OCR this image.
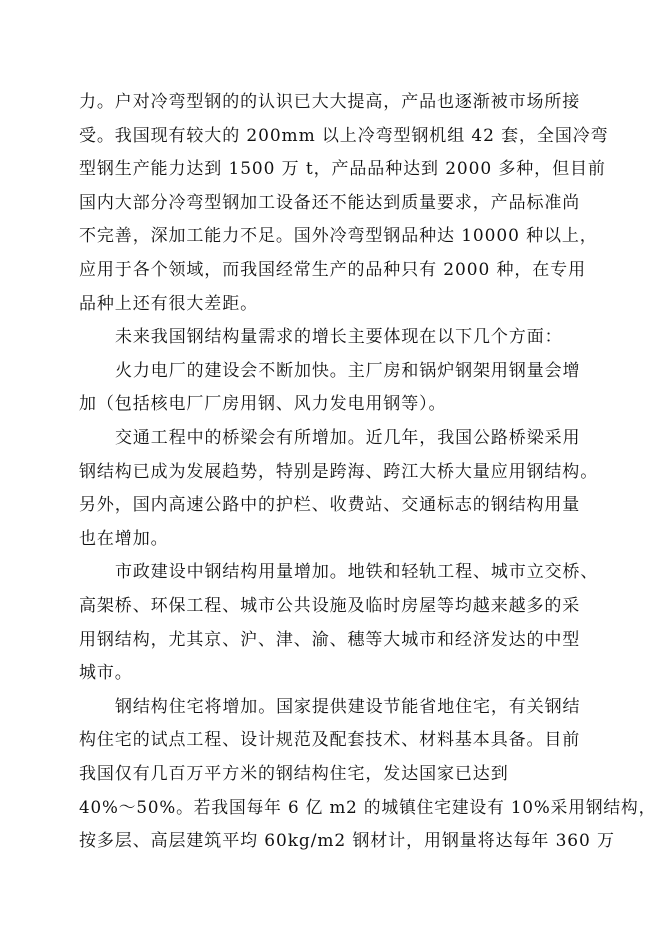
力。户对冷弯型钢的的认识已大大提高，产品也逐渐被市场所接
受。我国现有较大的 200mm 以上冷弯型钢机组 42 套，全国冷弯
型钢生产能力达到 1500 万 t，产品品种达到 2000 多种，但目前
国内大部分冷弯型钢加工设备还不能达到质量要求，产品标准尚
不完善，深加工能力不足。国外冷弯型钢品种达 10000 种以上，
应用于各个领域，而我国经常生产的品种只有 2000 种，在专用
品种上还有很大差距。
未来我国钢结构量需求的增长主要体现在以下几个方面：
火力电厂的建设会不断加快。主厂房和锅炉钢架用钢量会增
加（包括核电厂厂房用钢、风力发电用钢等）。
交通工程中的桥梁会有所增加。近几年，我国公路桥梁采用
钢结构已成为发展趋势，特别是跨海、跨江大桥大量应用钢结构。
另外，国内高速公路中的护栏、收费站、交通标志的钢结构用量
也在增加。
市政建设中钢结构用量增加。地铁和轻轨工程、城市立交桥、
高架桥、环保工程、城市公共设施及临时房屋等均越来越多的采
用钢结构，尤其京、沪、津、渝、穗等大城市和经济发达的中型
城市。
钢结构住宅将增加。国家提供建设节能省地住宅，有关钢结
构住宅的试点工程、设计规范及配套技术、材料基本具备。目前
我国仅有几百万平方米的钢结构住宅，发达国家已达到
40%～50%。若我国每年 6 亿 m2 的城镇住宅建设有 10%采用钢结构，
按多层、高层建筑平均 60kg/m2 钢材计，用钢量将达每年 360 万
